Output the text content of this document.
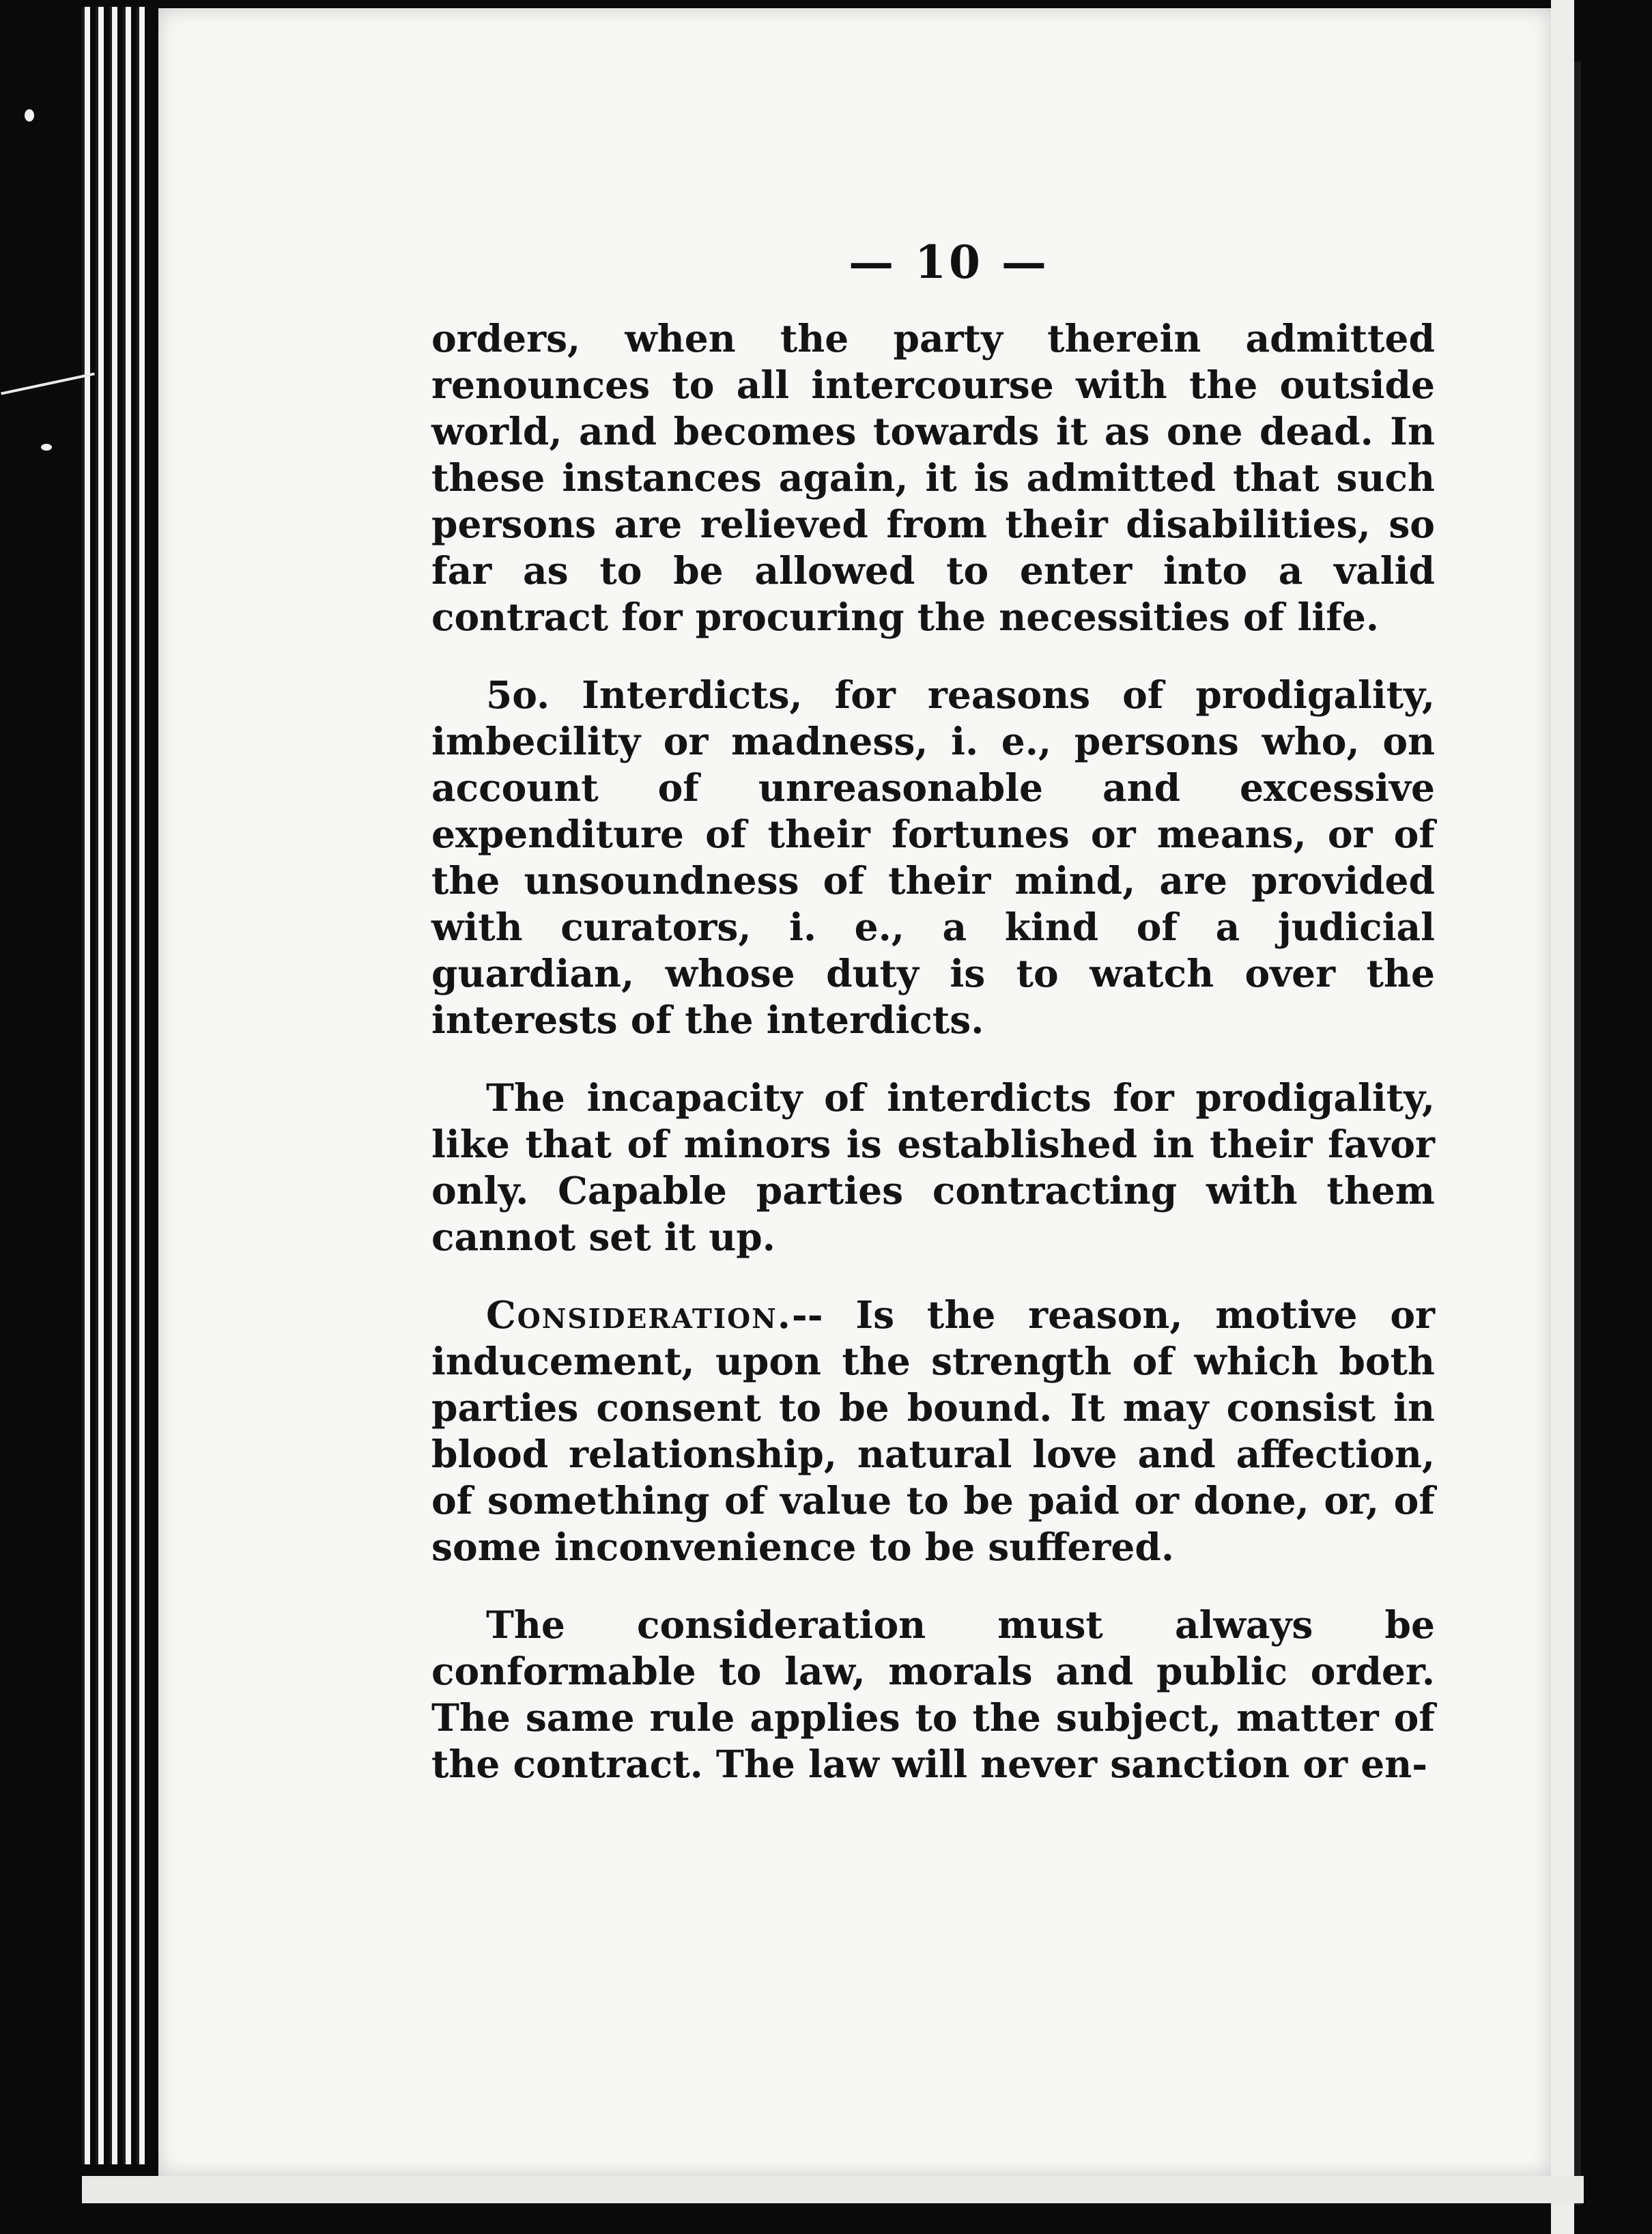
— 10 —

orders, when the party therein admitted renounces to all intercourse with the outside world, and becomes towards it as one dead. In these instances again, it is admitted that such persons are relieved from their disabilities, so far as to be allowed to enter into a valid contract for procuring the necessities of life.

5o. Interdicts, for reasons of prodigality, imbecility or madness, i. e., persons who, on account of unreasonable and excessive expenditure of their fortunes or means, or of the unsoundness of their mind, are provided with curators, i. e., a kind of a judicial guardian, whose duty is to watch over the interests of the interdicts.

The incapacity of interdicts for prodigality, like that of minors is established in their favor only. Capable parties contracting with them cannot set it up.

Consideration.-- Is the reason, motive or inducement, upon the strength of which both parties consent to be bound. It may consist in blood relationship, natural love and affection, of something of value to be paid or done, or, of some inconvenience to be suffered.

The consideration must always be conformable to law, morals and public order. The same rule applies to the subject, matter of the contract. The law will never sanction or en-
